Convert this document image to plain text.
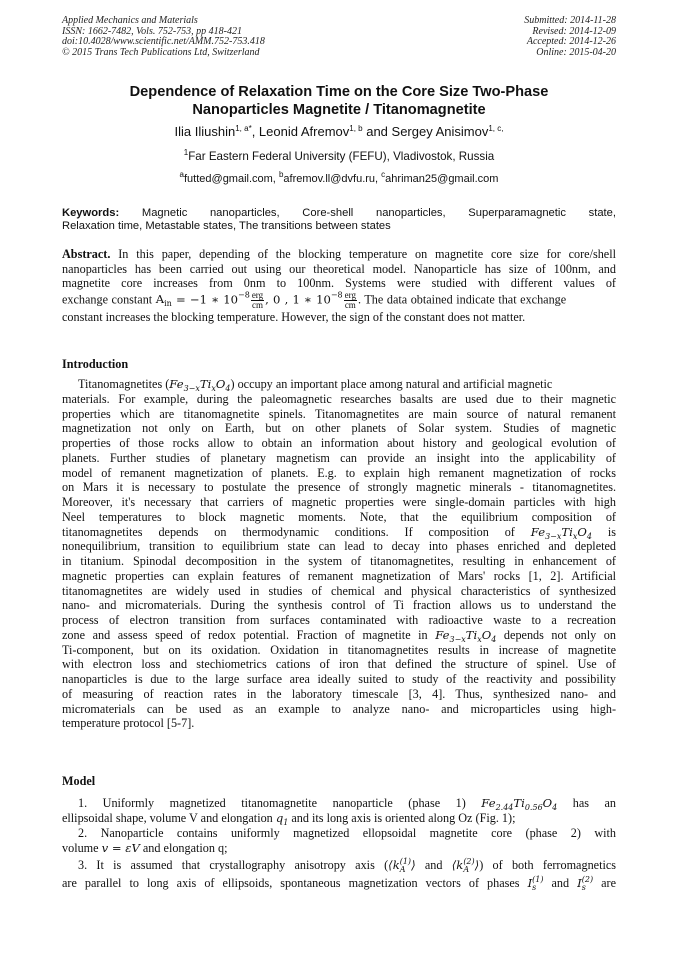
Applied Mechanics and Materials
ISSN: 1662-7482, Vols. 752-753, pp 418-421
doi:10.4028/www.scientific.net/AMM.752-753.418
© 2015 Trans Tech Publications Ltd, Switzerland
Submitted: 2014-11-28
Revised: 2014-12-09
Accepted: 2014-12-26
Online: 2015-04-20
Dependence of Relaxation Time on the Core Size Two-Phase
Nanoparticles Magnetite / Titanomagnetite
Ilia Iliushin$^{1, a*}$, Leonid Afremov$^{1, b}$ and Sergey Anisimov$^{1, c,}$
$^1$Far Eastern Federal University (FEFU), Vladivostok, Russia
$^a$futted@gmail.com, $^b$afremov.ll@dvfu.ru, $^c$ahriman25@gmail.com
Keywords: Magnetic nanoparticles, Core-shell nanoparticles, Superparamagnetic state,
Relaxation time, Metastable states, The transitions between states
Abstract. In this paper, depending of the blocking temperature on magnetite core size for core/shell
nanoparticles has been carried out using our theoretical model. Nanoparticle has size of 100nm, and
magnetite core increases from 0nm to 100nm. Systems were studied with different values of
exchange constant $A_{in} = -1$ ∗ $10^{-8} \frac{\text{erg}}{cm}$ , 0 , 1 ∗ $10^{-8} \frac{\text{erg}}{cm}$ . The data obtained indicate that exchange
constant increases the blocking temperature. However, the sign of the constant does not matter.
Introduction
Titanomagnetites $(Fe_{3-x}Ti_xO_4)$ occupy an important place among natural and artificial magnetic
materials. For example, during the paleomagnetic researches basalts are used due to their magnetic
properties which are titanomagnetite spinels. Titanomagnetites are main source of natural remanent
magnetization not only on Earth, but on other planets of Solar system. Studies of magnetic
properties of those rocks allow to obtain an information about history and geological evolution of
planets. Further studies of planetary magnetism can provide an insight into the applicability of
model of remanent magnetization of planets. E.g. to explain high remanent magnetization of rocks
on Mars it is necessary to postulate the presence of strongly magnetic minerals - titanomagnetites.
Moreover, it's necessary that carriers of magnetic properties were single-domain particles with high
Neel temperatures to block magnetic moments. Note, that the equilibrium composition of
titanomagnetites depends on thermodynamic conditions. If composition of $Fe_{3-x}Ti_xO_4$ is
nonequilibrium, transition to equilibrium state can lead to decay into phases enriched and depleted
in titanium. Spinodal decomposition in the system of titanomagnetites, resulting in enhancement of
magnetic properties can explain features of remanent magnetization of Mars' rocks [1, 2]. Artificial
titanomagnetites are widely used in studies of chemical and physical characteristics of synthesized
nano- and micromaterials. During the synthesis control of Ti fraction allows us to understand the
process of electron transition from surfaces contaminated with radioactive waste to a recreation
zone and assess speed of redox potential. Fraction of magnetite in $Fe_{3-x}Ti_xO_4$ depends not only on
Ti-component, but on its oxidation. Oxidation in titanomagnetites results in increase of magnetite
with electron loss and stechiometrics cations of iron that defined the structure of spinel. Use of
nanoparticles is due to the large surface area ideally suited to study of the reactivity and possibility
of measuring of reaction rates in the laboratory timescale [3, 4]. Thus, synthesized nano- and
micromaterials can be used as an example to analyze nano- and microparticles using high-
temperature protocol [5-7].
Model
1. Uniformly magnetized titanomagnetite nanoparticle (phase 1) $Fe_{2.44}Ti_{0.56}O_4$ has an
ellipsoidal shape, volume V and elongation $q_1$ and its long axis is oriented along Oz (Fig. 1);
2. Nanoparticle contains uniformly magnetized ellopsoidal magnetite core (phase 2) with
volume v = εV and elongation q;
3. It is assumed that crystallography anisotropy axis (⟨k (1)
A ⟩ and ⟨k (2)
A ⟩) of both ferromagnetics
are parallel to long axis of ellipsoids, spontaneous magnetization vectors of phases I (1)
s and I (2)
s are
